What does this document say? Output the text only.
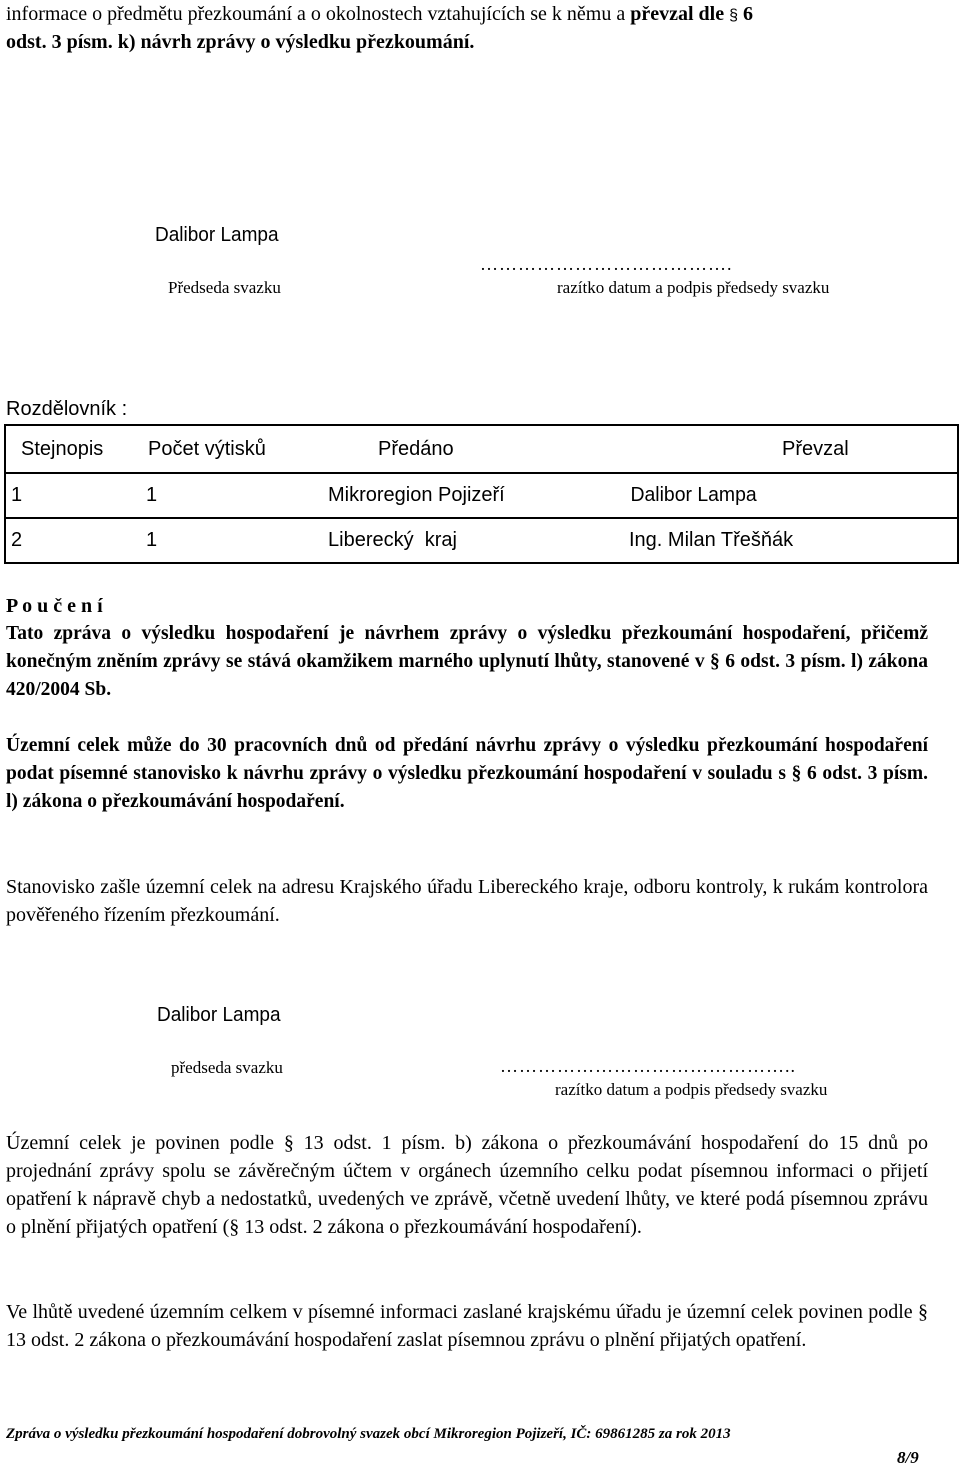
informace o předmětu přezkoumání a o okolnostech vztahujících se k němu a převzal dle § 6
odst. 3 písm. k) návrh zprávy o výsledku přezkoumání.
Dalibor Lampa
………………………………….
Předseda svazku	razítko datum a podpis předsedy svazku
Rozdělovník :
Stejnopis	Počet výtisků	Předáno	Převzal
1	1	Mikroregion Pojizeří	Dalibor Lampa
2	1	Liberecký  kraj	Ing. Milan Třešňák
P o u č e n í
Tato zpráva o výsledku hospodaření je návrhem zprávy o výsledku přezkoumání hospodaření, přičemž konečným zněním zprávy se stává okamžikem marného uplynutí lhůty, stanovené v § 6 odst. 3 písm. l) zákona 420/2004 Sb.
Územní celek může do 30 pracovních dnů od předání návrhu zprávy o výsledku přezkoumání hospodaření podat písemné stanovisko k návrhu zprávy o výsledku přezkoumání hospodaření v souladu s § 6 odst. 3 písm. l) zákona o přezkoumávání hospodaření.
Stanovisko zašle územní celek na adresu Krajského úřadu Libereckého kraje, odboru kontroly, k rukám kontrolora pověřeného řízením přezkoumání.
Dalibor Lampa
předseda svazku	………………………………………..
razítko datum a podpis předsedy svazku
Územní celek je povinen podle § 13 odst. 1 písm. b) zákona o přezkoumávání hospodaření do 15 dnů po projednání zprávy spolu se závěrečným účtem v orgánech územního celku podat písemnou informaci o přijetí opatření k nápravě chyb a nedostatků, uvedených ve zprávě, včetně uvedení lhůty, ve které podá písemnou zprávu o plnění přijatých opatření (§ 13 odst. 2 zákona o přezkoumávání hospodaření).
Ve lhůtě uvedené územním celkem v písemné informaci zaslané krajskému úřadu je územní celek povinen podle § 13 odst. 2 zákona o přezkoumávání hospodaření zaslat písemnou zprávu o plnění přijatých opatření.
Zpráva o výsledku přezkoumání hospodaření dobrovolný svazek obcí Mikroregion Pojizeří, IČ: 69861285 za rok 2013
8/9
